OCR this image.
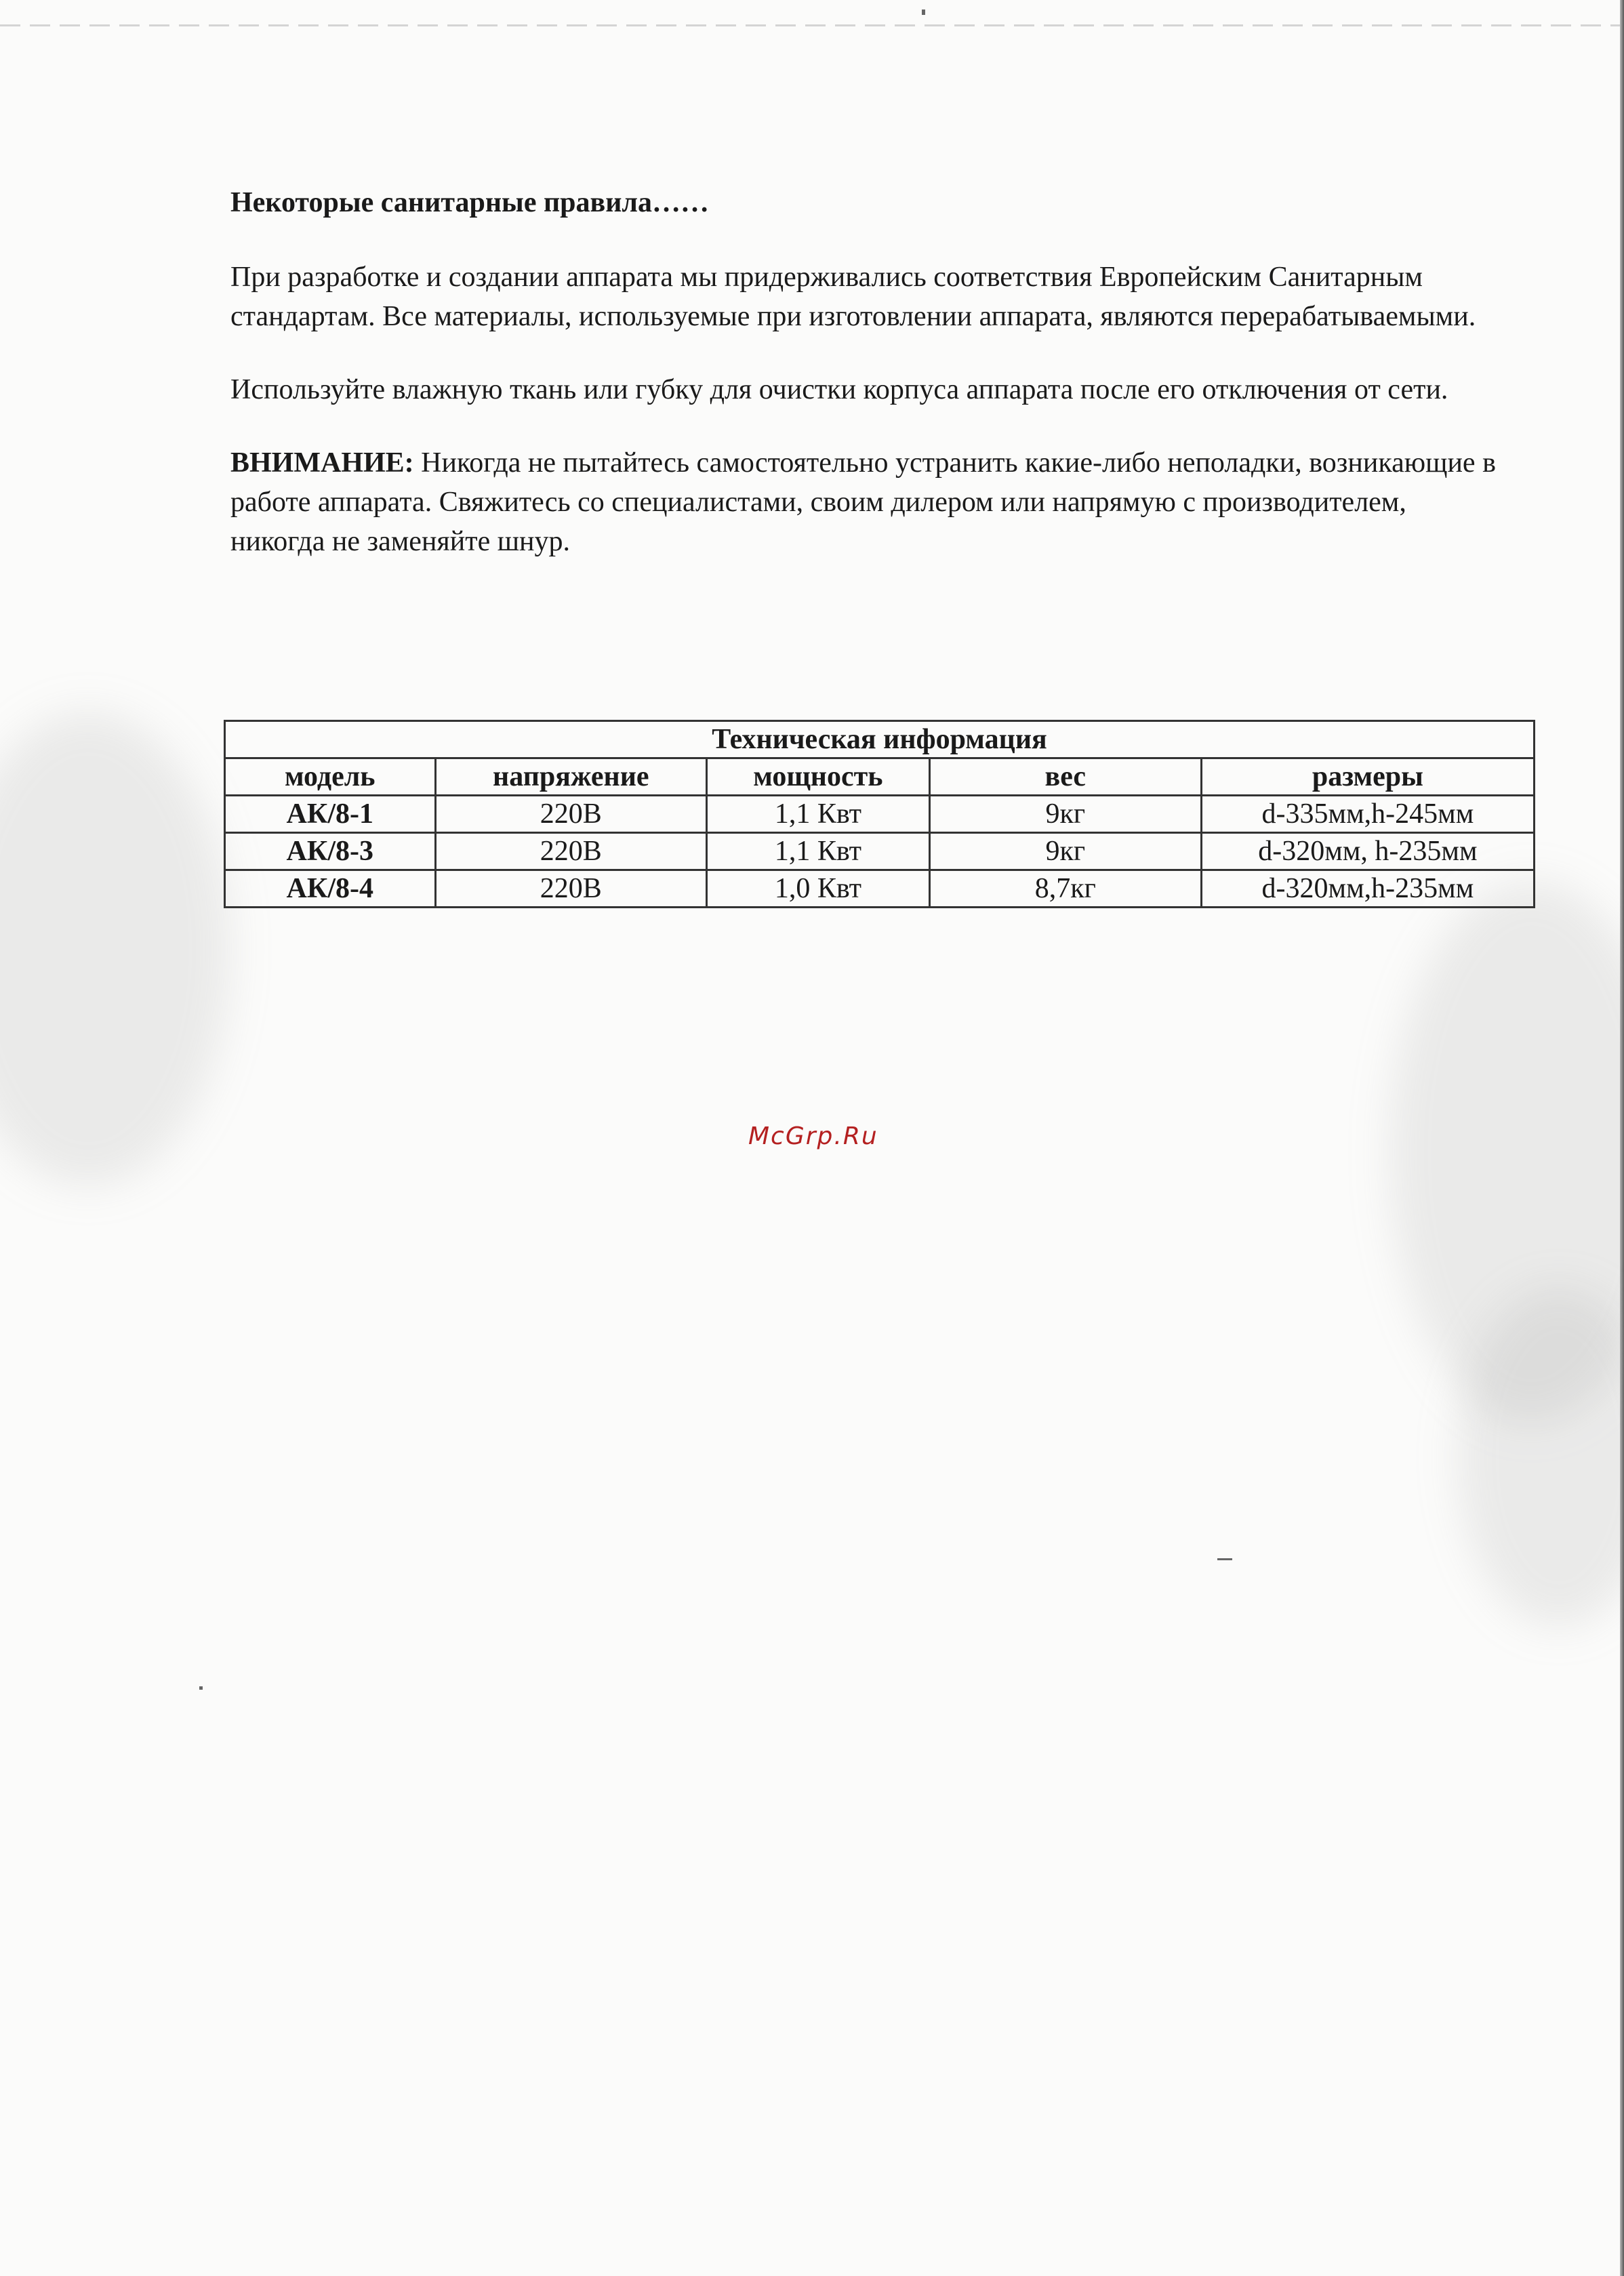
Некоторые санитарные правила……

При разработке и создании аппарата мы придерживались соответствия Европейским Санитарным стандартам. Все материалы, используемые при изготовлении аппарата, являются перерабатываемыми.

Используйте влажную ткань или губку для очистки корпуса аппарата после его отключения от сети.

ВНИМАНИЕ: Никогда не пытайтесь самостоятельно устранить какие-либо неполадки, возникающие в работе аппарата. Свяжитесь со специалистами, своим дилером или напрямую с производителем, никогда не заменяйте шнур.

Техническая информация				
модель	напряжение	мощность	вес	размеры
АК/8-1	220В	1,1 Квт	9кг	d-335мм,h-245мм
АК/8-3	220В	1,1 Квт	9кг	d-320мм, h-235мм
АК/8-4	220В	1,0 Квт	8,7кг	d-320мм,h-235мм
McGrp.Ru
